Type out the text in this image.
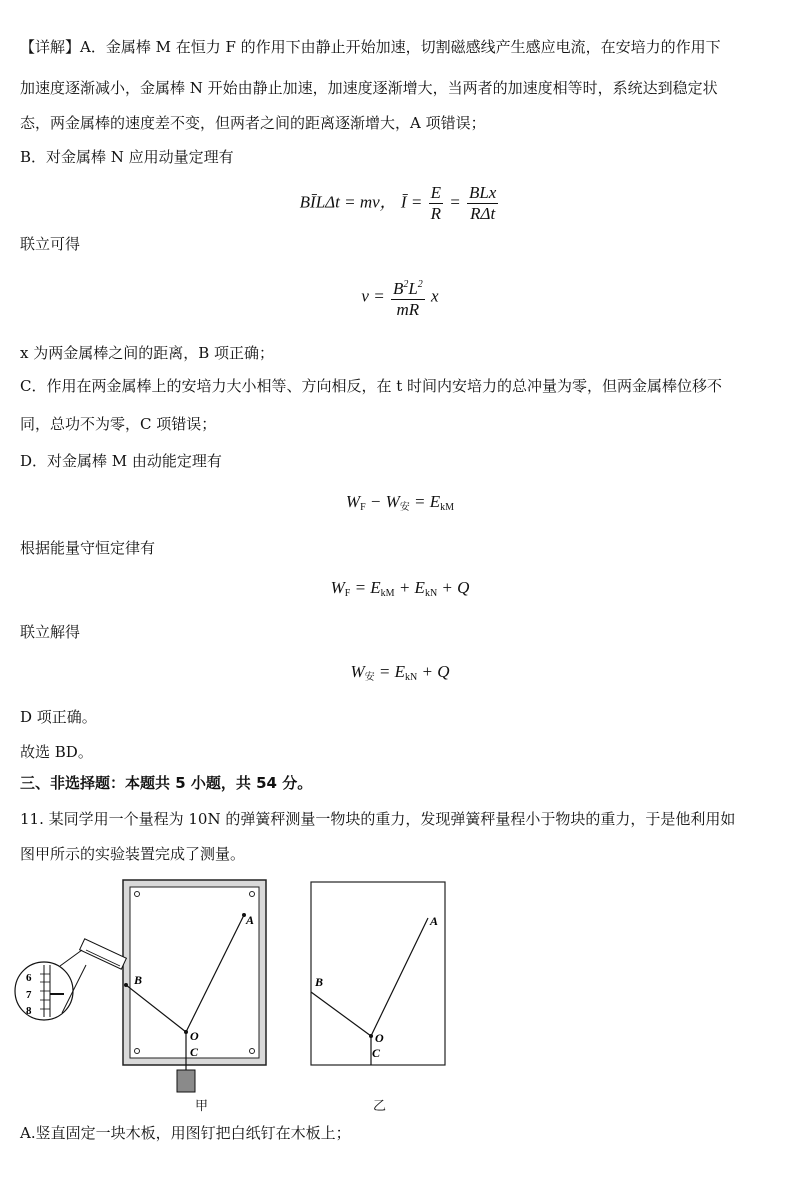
【详解】A．金属棒 M 在恒力 F 的作用下由静止开始加速，切割磁感线产生感应电流，在安培力的作用下
加速度逐渐减小，金属棒 N 开始由静止加速，加速度逐渐增大，当两者的加速度相等时，系统达到稳定状
态，两金属棒的速度差不变，但两者之间的距离逐渐增大，A 项错误；
B．对金属棒 N 应用动量定理有
BĪLΔt = mv， Ī = $\frac{E}{R} = \frac{\text{BLx}}{\text{RΔt}}$
联立可得
$v = \frac{B^2L^2}{mR}$ x
x 为两金属棒之间的距离，B 项正确；
C．作用在两金属棒上的安培力大小相等、方向相反，在 t 时间内安培力的总冲量为零，但两金属棒位移不
同，总功不为零，C 项错误；
D．对金属棒 M 由动能定理有
$W_F - W_安 = E_{kM}$
根据能量守恒定律有
$W_F = E_{kM} + E_{kN} + Q$
联立解得
$W_安 = E_{kN} + Q$
D 项正确。
故选 BD。
三、非选择题：本题共 5 小题，共 54 分。
11. 某同学用一个量程为 10N 的弹簧秤测量一物块的重力，发现弹簧秤量程小于物块的重力，于是他利用如
图甲所示的实验装置完成了测量。
A
B
O
C
6
7
8
A
B
O
C
甲	乙
A.竖直固定一块木板，用图钉把白纸钉在木板上；
